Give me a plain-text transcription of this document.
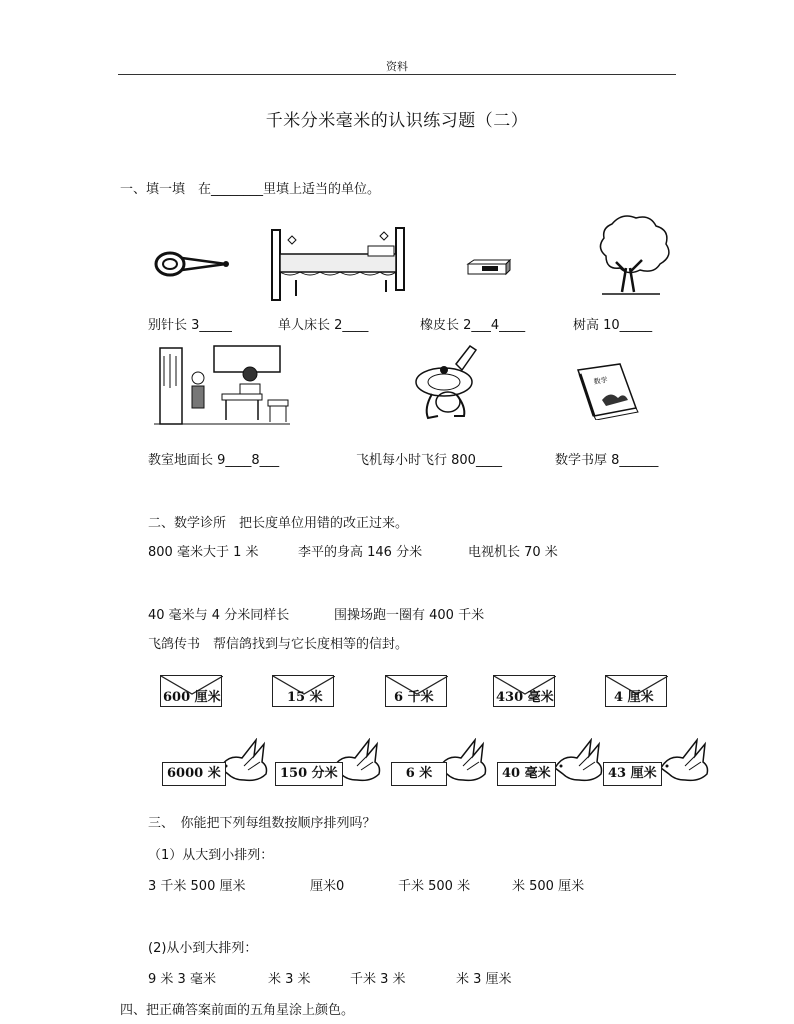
资料
千米分米毫米的认识练习题（二）
一、填一填　在________里填上适当的单位。
别针长 3_____	单人床长 2____	橡皮长 2___4____	树高 10_____
数学
教室地面长 9____8___	飞机每小时飞行 800____	数学书厚 8______
二、数学诊所　把长度单位用错的改正过来。
800 毫米大于 1 米	李平的身高 146 分米	电视机长 70 米
40 毫米与 4 分米同样长	围操场跑一圈有 400 千米
飞鸽传书　帮信鸽找到与它长度相等的信封。
600 厘米	15 米	6 千米	430 毫米	4 厘米
6000 米	150 分米	6 米	40 毫米	43 厘米
三、　你能把下列每组数按顺序排列吗？
（1）从大到小排列：
3 千米 500 厘米	厘米0	千米 500 米	米 500 厘米
(2)从小到大排列：
9 米 3 毫米	米 3 米	千米 3 米	米 3 厘米
四、把正确答案前面的五角星涂上颜色。
